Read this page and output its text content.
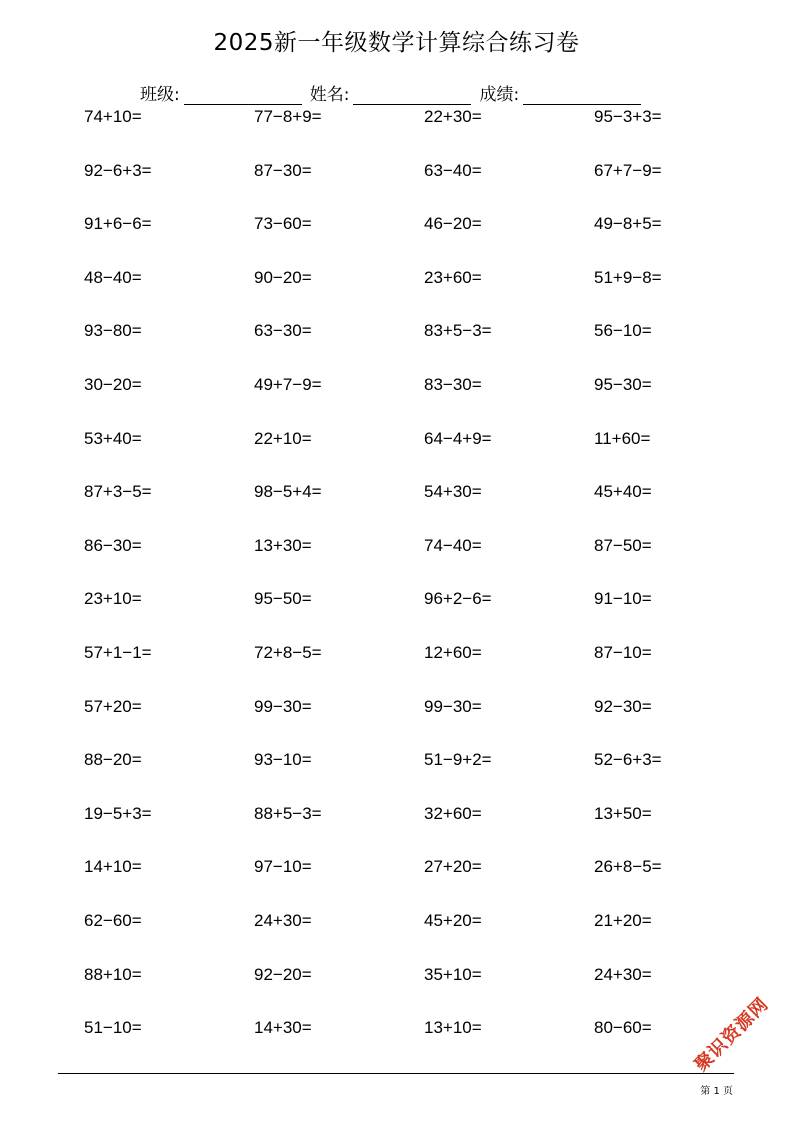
2025新一年级数学计算综合练习卷
班级:	姓名:	成绩:
74+10=	77−8+9=	22+30=	95−3+3=
92−6+3=	87−30=	63−40=	67+7−9=
91+6−6=	73−60=	46−20=	49−8+5=
48−40=	90−20=	23+60=	51+9−8=
93−80=	63−30=	83+5−3=	56−10=
30−20=	49+7−9=	83−30=	95−30=
53+40=	22+10=	64−4+9=	11+60=
87+3−5=	98−5+4=	54+30=	45+40=
86−30=	13+30=	74−40=	87−50=
23+10=	95−50=	96+2−6=	91−10=
57+1−1=	72+8−5=	12+60=	87−10=
57+20=	99−30=	99−30=	92−30=
88−20=	93−10=	51−9+2=	52−6+3=
19−5+3=	88+5−3=	32+60=	13+50=
14+10=	97−10=	27+20=	26+8−5=
62−60=	24+30=	45+20=	21+20=
88+10=	92−20=	35+10=	24+30=
51−10=	14+30=	13+10=	80−60=	聚识资源网
第 1 页
